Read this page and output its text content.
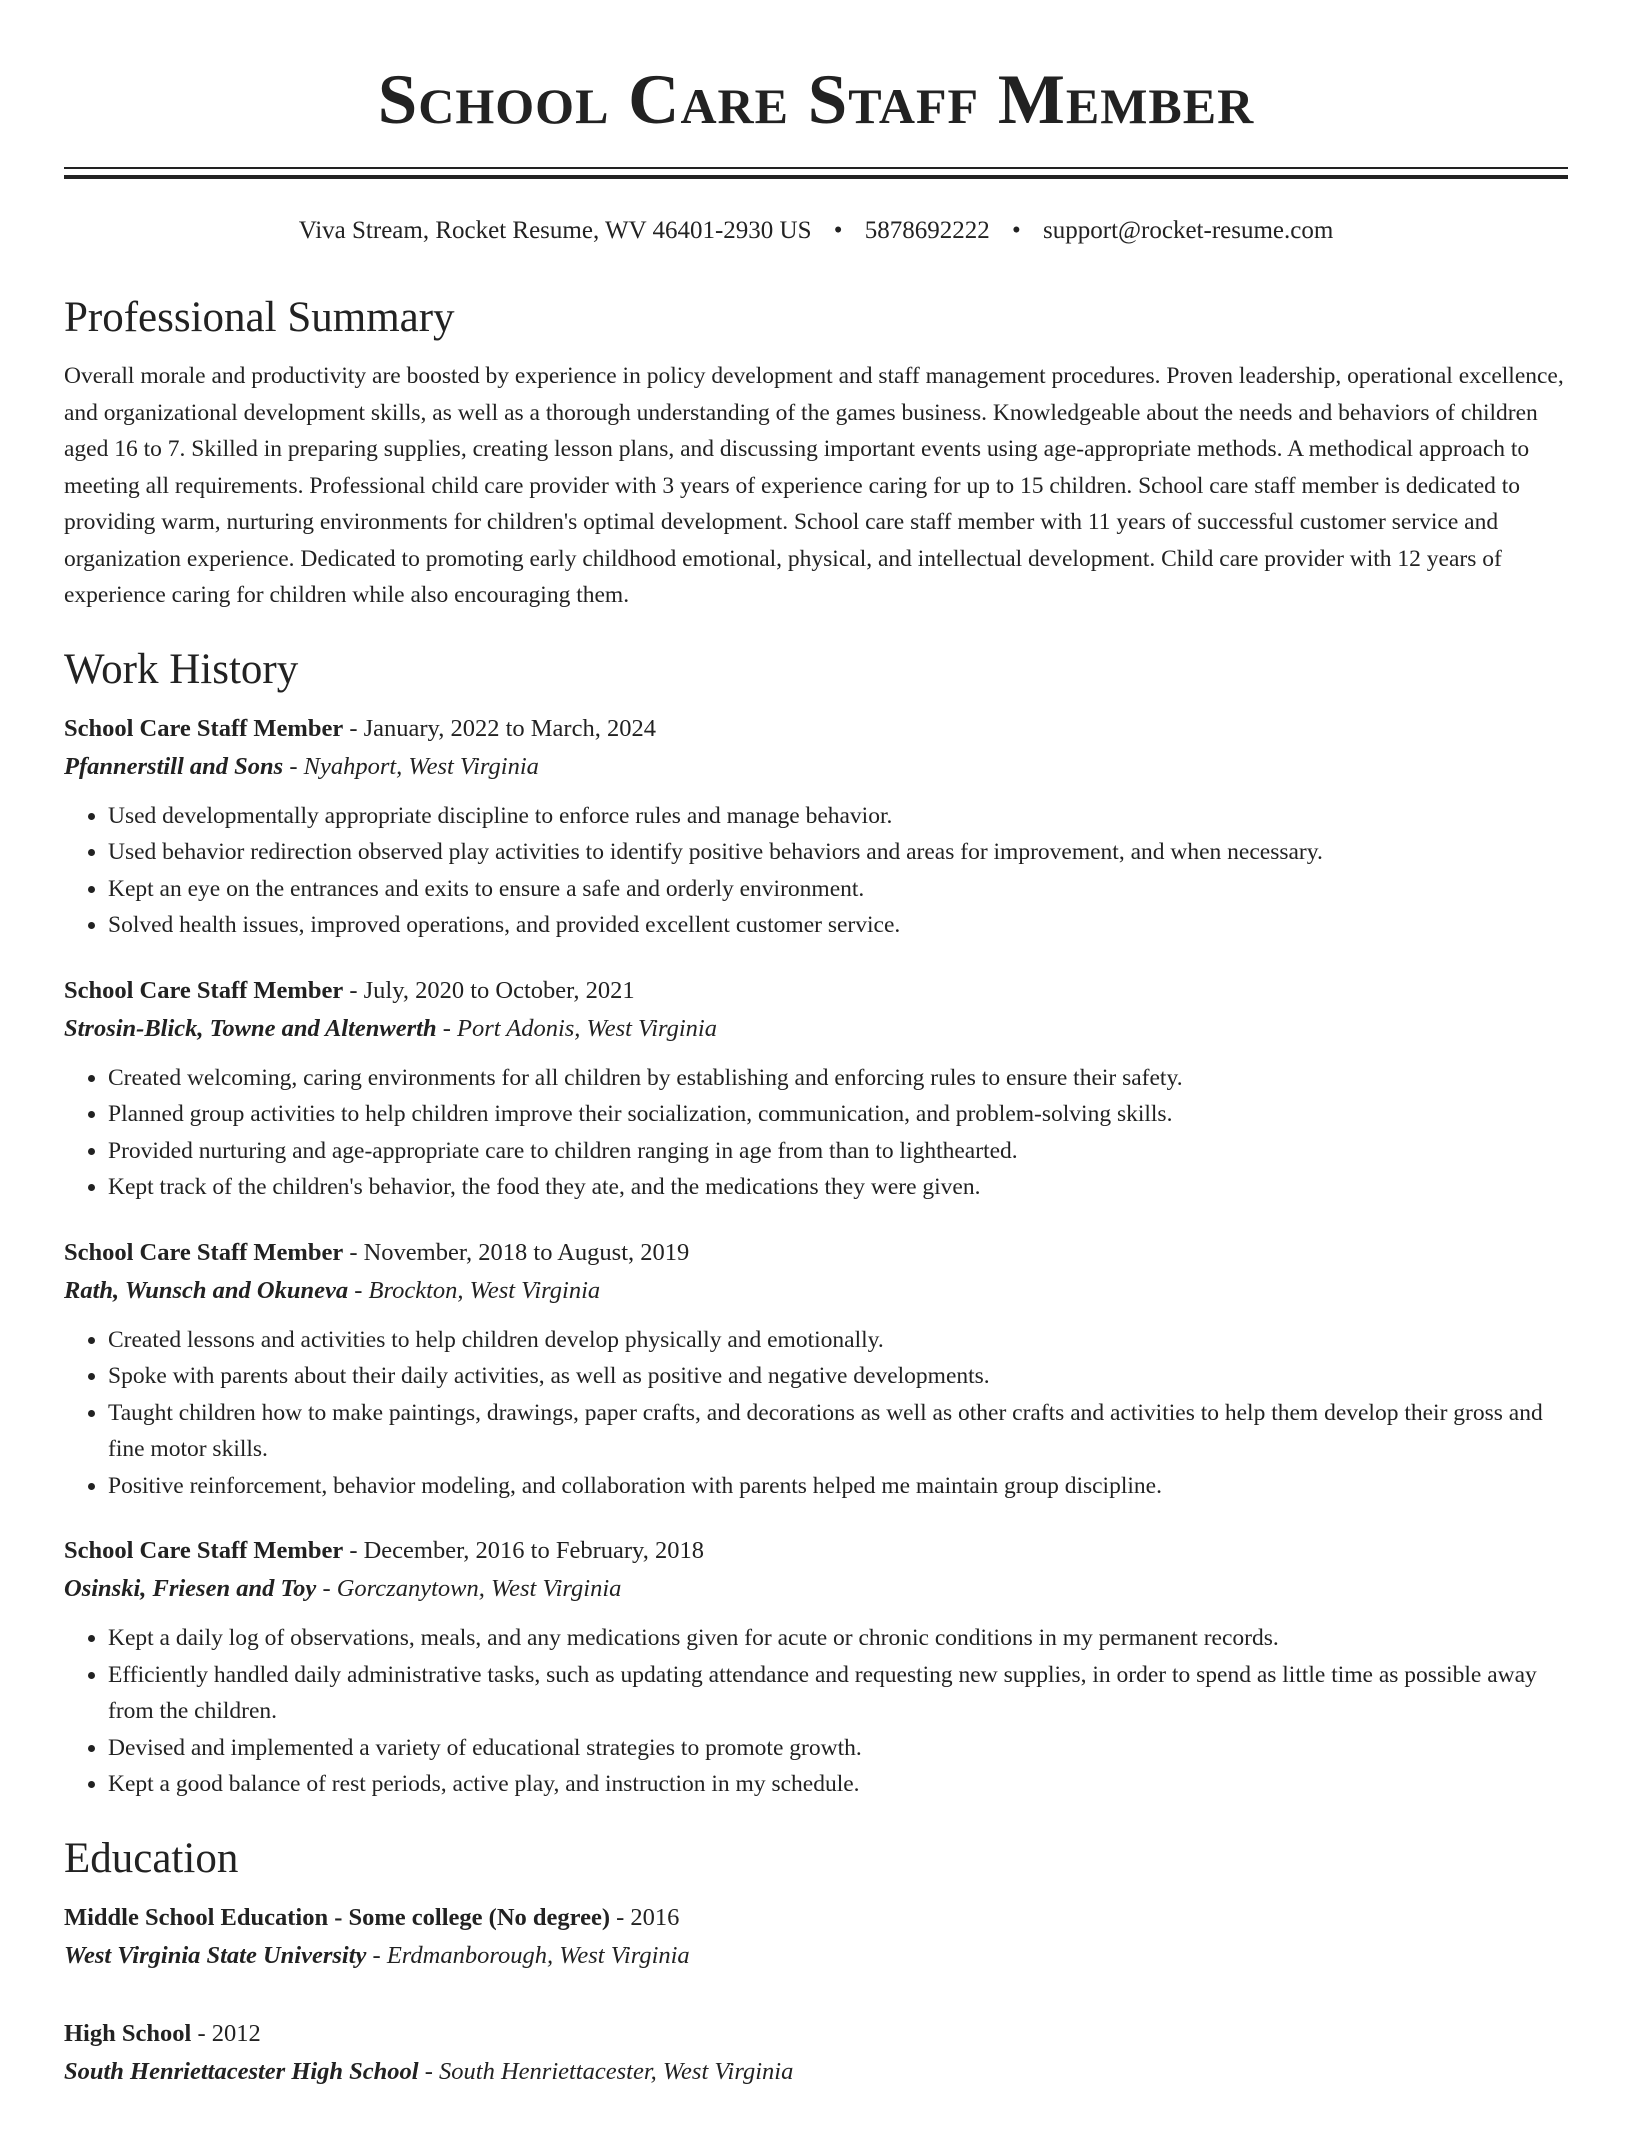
School Care Staff Member
Viva Stream, Rocket Resume, WV 46401-2930 US • 5878692222 • support@rocket-resume.com
Professional Summary

Overall morale and productivity are boosted by experience in policy development and staff management procedures. Proven leadership, operational excellence, and organizational development skills, as well as a thorough understanding of the games business. Knowledgeable about the needs and behaviors of children aged 16 to 7. Skilled in preparing supplies, creating lesson plans, and discussing important events using age-appropriate methods. A methodical approach to meeting all requirements. Professional child care provider with 3 years of experience caring for up to 15 children. School care staff member is dedicated to providing warm, nurturing environments for children's optimal development. School care staff member with 11 years of successful customer service and organization experience. Dedicated to promoting early childhood emotional, physical, and intellectual development. Child care provider with 12 years of experience caring for children while also encouraging them.

Work History
School Care Staff Member - January, 2022 to March, 2024
Pfannerstill and Sons - Nyahport, West Virginia
• Used developmentally appropriate discipline to enforce rules and manage behavior.
• Used behavior redirection observed play activities to identify positive behaviors and areas for improvement, and when necessary.
• Kept an eye on the entrances and exits to ensure a safe and orderly environment.
• Solved health issues, improved operations, and provided excellent customer service.
School Care Staff Member - July, 2020 to October, 2021
Strosin-Blick, Towne and Altenwerth - Port Adonis, West Virginia
• Created welcoming, caring environments for all children by establishing and enforcing rules to ensure their safety.
• Planned group activities to help children improve their socialization, communication, and problem-solving skills.
• Provided nurturing and age-appropriate care to children ranging in age from than to lighthearted.
• Kept track of the children's behavior, the food they ate, and the medications they were given.
School Care Staff Member - November, 2018 to August, 2019
Rath, Wunsch and Okuneva - Brockton, West Virginia
• Created lessons and activities to help children develop physically and emotionally.
• Spoke with parents about their daily activities, as well as positive and negative developments.
• Taught children how to make paintings, drawings, paper crafts, and decorations as well as other crafts and activities to help them develop their gross and fine motor skills.
• Positive reinforcement, behavior modeling, and collaboration with parents helped me maintain group discipline.
School Care Staff Member - December, 2016 to February, 2018
Osinski, Friesen and Toy - Gorczanytown, West Virginia
• Kept a daily log of observations, meals, and any medications given for acute or chronic conditions in my permanent records.
• Efficiently handled daily administrative tasks, such as updating attendance and requesting new supplies, in order to spend as little time as possible away from the children.
• Devised and implemented a variety of educational strategies to promote growth.
• Kept a good balance of rest periods, active play, and instruction in my schedule.
Education
Middle School Education - Some college (No degree) - 2016
West Virginia State University - Erdmanborough, West Virginia
High School - 2012
South Henriettacester High School - South Henriettacester, West Virginia
